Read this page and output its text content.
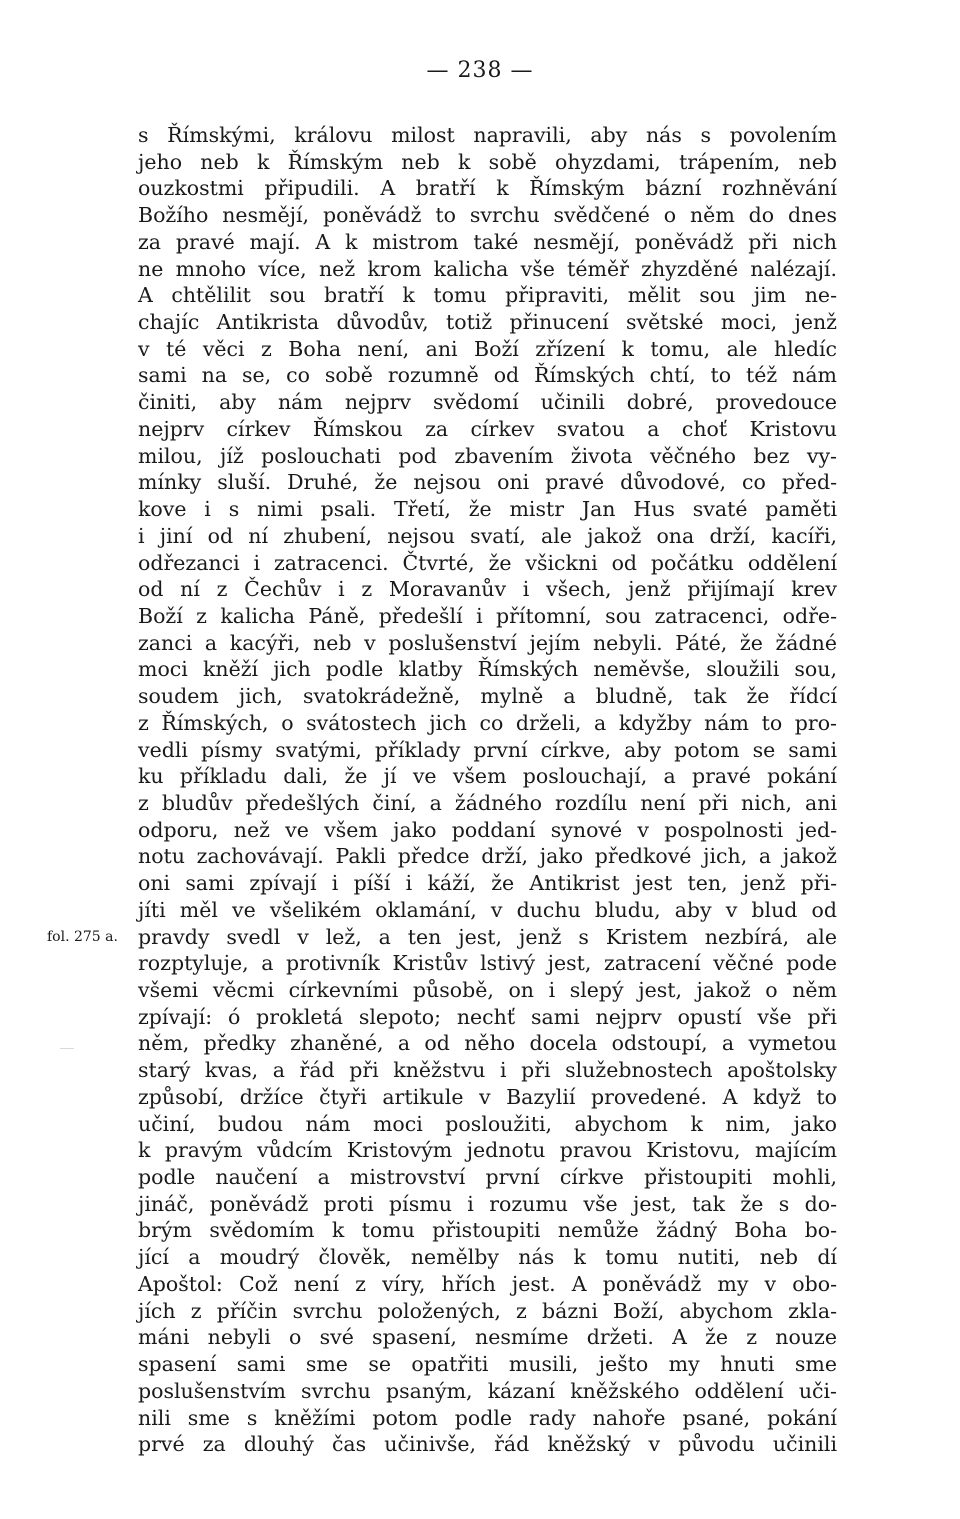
— 238 —
fol. 275 a.
s Římskými, královu milost napravili, aby nás s povolením
jeho neb k Římským neb k sobě ohyzdami, trápením, neb
ouzkostmi připudili. A bratří k Římským bázní rozhněvání
Božího nesmějí, poněvádž to svrchu svědčené o něm do dnes
za pravé mají. A k mistrom také nesmějí, poněvádž při nich
ne mnoho více, než krom kalicha vše téměř zhyzděné nalézají.
A chtělilit sou bratří k tomu připraviti, mělit sou jim ne-
chajíc Antikrista důvodův, totiž přinucení světské moci, jenž
v té věci z Boha není, ani Boží zřízení k tomu, ale hledíc
sami na se, co sobě rozumně od Římských chtí, to též nám
činiti, aby nám nejprv svědomí učinili dobré, provedouce
nejprv církev Římskou za církev svatou a choť Kristovu
milou, jíž poslouchati pod zbavením života věčného bez vy-
mínky sluší. Druhé, že nejsou oni pravé důvodové, co před-
kove i s nimi psali. Třetí, že mistr Jan Hus svaté paměti
i jiní od ní zhubení, nejsou svatí, ale jakož ona drží, kacíři,
odřezanci i zatracenci. Čtvrté, že všickni od počátku oddělení
od ní z Čechův i z Moravanův i všech, jenž přijímají krev
Boží z kalicha Páně, předešlí i přítomní, sou zatracenci, odře-
zanci a kacýři, neb v poslušenství jejím nebyli. Páté, že žádné
moci kněží jich podle klatby Římských neměvše, sloužili sou,
soudem jich, svatokrádežně, mylně a bludně, tak že řídcí
z Římských, o svátostech jich co drželi, a kdyžby nám to pro-
vedli písmy svatými, příklady první církve, aby potom se sami
ku příkladu dali, že jí ve všem poslouchají, a pravé pokání
z bludův předešlých činí, a žádného rozdílu není při nich, ani
odporu, než ve všem jako poddaní synové v pospolnosti jed-
notu zachovávají. Pakli předce drží, jako předkové jich, a jakož
oni sami zpívají i píší i káží, že Antikrist jest ten, jenž při-
jíti měl ve všelikém oklamání, v duchu bludu, aby v blud od
pravdy svedl v lež, a ten jest, jenž s Kristem nezbírá, ale
rozptyluje, a protivník Kristův lstivý jest, zatracení věčné pode
všemi věcmi církevními působě, on i slepý jest, jakož o něm
zpívají: ó prokletá slepoto; nechť sami nejprv opustí vše při
něm, předky zhaněné, a od něho docela odstoupí, a vymetou
starý kvas, a řád při kněžstvu i při služebnostech apoštolsky
způsobí, držíce čtyři artikule v Bazylií provedené. A když to
učiní, budou nám moci posloužiti, abychom k nim, jako
k pravým vůdcím Kristovým jednotu pravou Kristovu, majícím
podle naučení a mistrovství první církve přistoupiti mohli,
jináč, poněvádž proti písmu i rozumu vše jest, tak že s do-
brým svědomím k tomu přistoupiti nemůže žádný Boha bo-
jící a moudrý člověk, nemělby nás k tomu nutiti, neb dí
Apoštol: Což není z víry, hřích jest. A poněvádž my v obo-
jích z příčin svrchu položených, z bázni Boží, abychom zkla-
máni nebyli o své spasení, nesmíme držeti. A že z nouze
spasení sami sme se opatřiti musili, ješto my hnuti sme
poslušenstvím svrchu psaným, kázaní kněžského oddělení uči-
nili sme s kněžími potom podle rady nahoře psané, pokání
prvé za dlouhý čas učinivše, řád kněžský v původu učinili
